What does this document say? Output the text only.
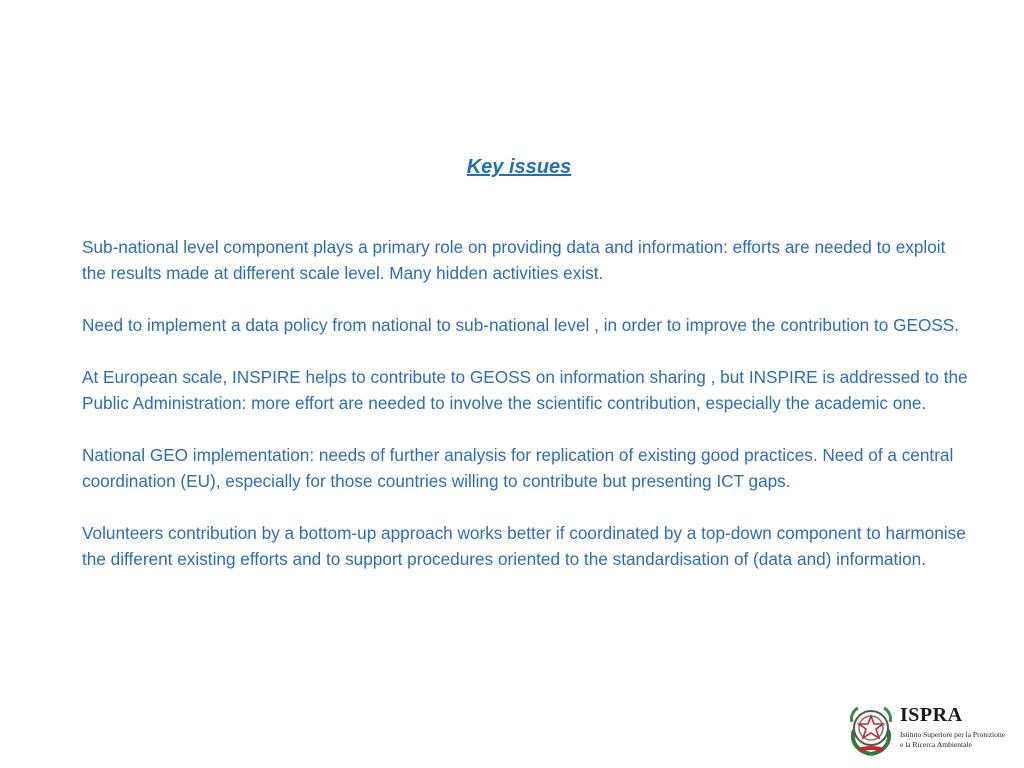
Key issues

Sub-national level component plays a primary role on providing data and information: efforts are needed to exploit the results made at different scale level. Many hidden activities exist.

Need to implement a data policy from national to sub-national level , in order to improve the contribution to GEOSS.

At European scale, INSPIRE helps to contribute to GEOSS on information sharing , but INSPIRE is addressed to the Public Administration: more effort are needed to involve the scientific contribution, especially the academic one.

National GEO implementation: needs of further analysis for replication of existing good practices. Need of a central coordination (EU), especially for those countries willing to contribute but presenting ICT gaps.

Volunteers contribution by a bottom-up approach works better if coordinated by a top-down component to harmonise the different existing efforts and to support procedures oriented to the standardisation of (data and) information.

ISPRA
Istituto Superiore per la Protezione
e la Ricerca Ambientale
